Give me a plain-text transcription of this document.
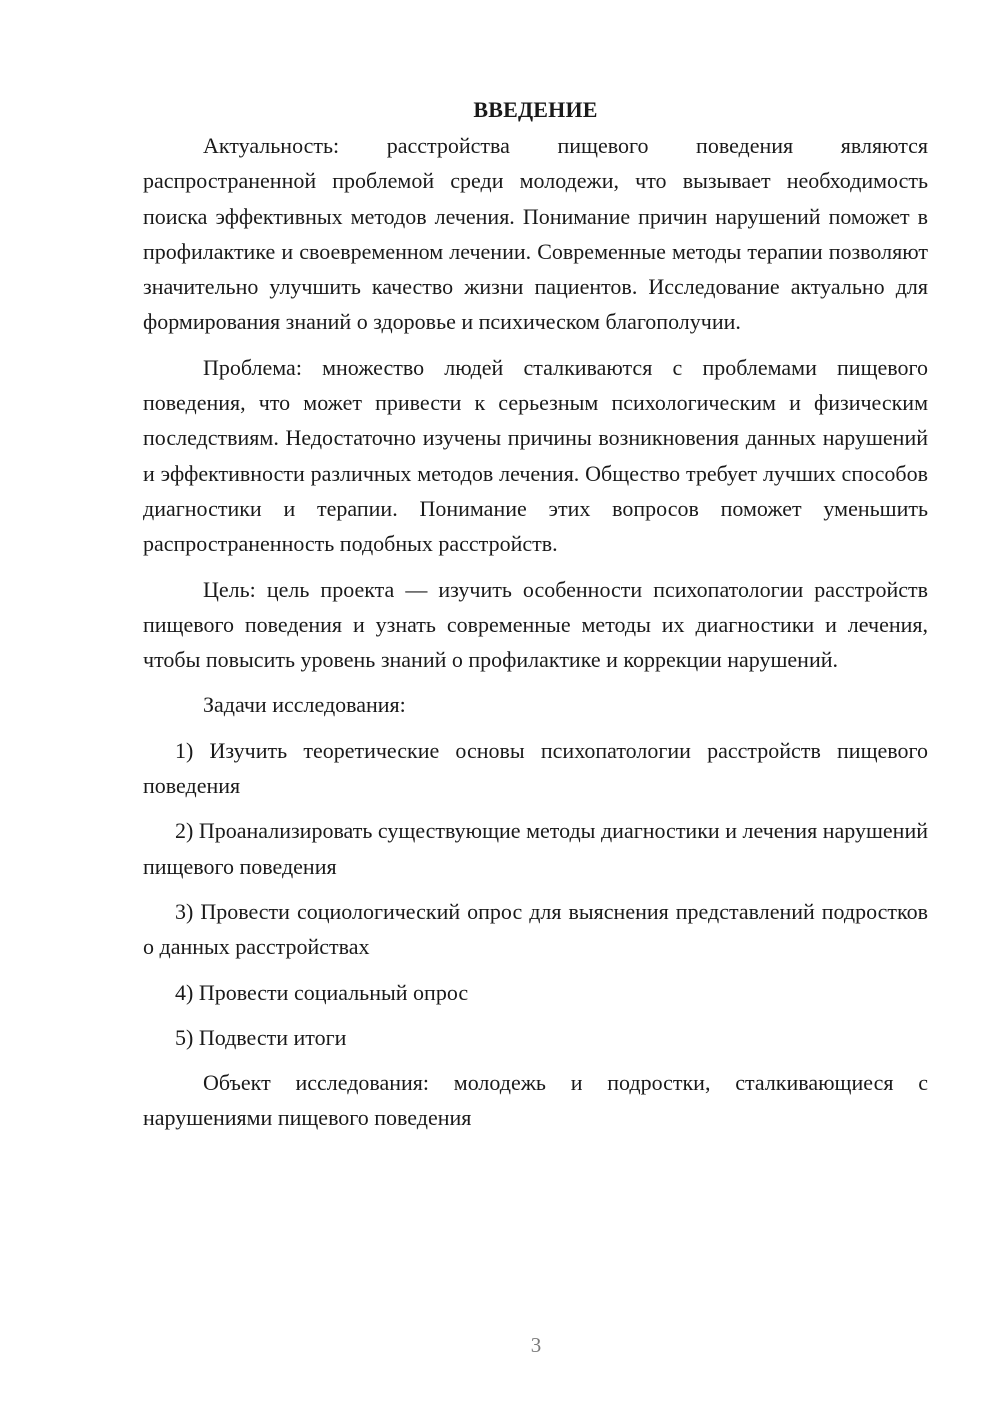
ВВЕДЕНИЕ

Актуальность: расстройства пищевого поведения являются распространенной проблемой среди молодежи, что вызывает необходимость поиска эффективных методов лечения. Понимание причин нарушений поможет в профилактике и своевременном лечении. Современные методы терапии позволяют значительно улучшить качество жизни пациентов. Исследование актуально для формирования знаний о здоровье и психическом благополучии.

Проблема: множество людей сталкиваются с проблемами пищевого поведения, что может привести к серьезным психологическим и физическим последствиям. Недостаточно изучены причины возникновения данных нарушений и эффективности различных методов лечения. Общество требует лучших способов диагностики и терапии. Понимание этих вопросов поможет уменьшить распространенность подобных расстройств.

Цель: цель проекта — изучить особенности психопатологии расстройств пищевого поведения и узнать современные методы их диагностики и лечения, чтобы повысить уровень знаний о профилактике и коррекции нарушений.

Задачи исследования:

1) Изучить теоретические основы психопатологии расстройств пищевого поведения

2) Проанализировать существующие методы диагностики и лечения нарушений пищевого поведения

3) Провести социологический опрос для выяснения представлений подростков о данных расстройствах

4) Провести социальный опрос

5) Подвести итоги

Объект исследования: молодежь и подростки, сталкивающиеся с нарушениями пищевого поведения

3
